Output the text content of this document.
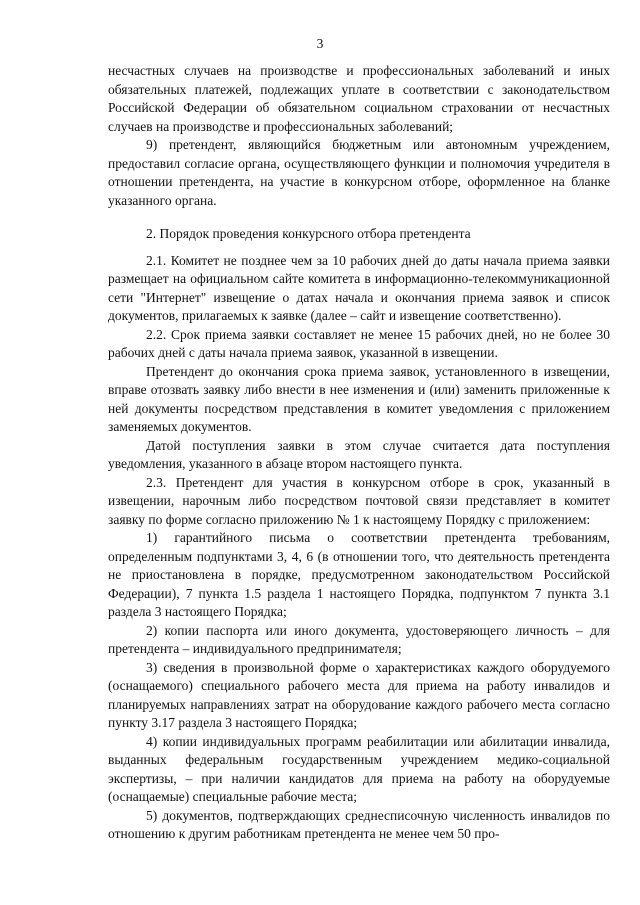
3

несчастных случаев на производстве и профессиональных заболеваний и иных обязательных платежей, подлежащих уплате в соответствии с законодательством Российской Федерации об обязательном социальном страховании от несчастных случаев на производстве и профессиональных заболеваний;

9) претендент, являющийся бюджетным или автономным учреждением, предоставил согласие органа, осуществляющего функции и полномочия учредителя в отношении претендента, на участие в конкурсном отборе, оформленное на бланке указанного органа.

2. Порядок проведения конкурсного отбора претендента

2.1. Комитет не позднее чем за 10 рабочих дней до даты начала приема заявки размещает на официальном сайте комитета в информационно-телекоммуникационной сети "Интернет" извещение о датах начала и окончания приема заявок и список документов, прилагаемых к заявке (далее – сайт и извещение соответственно).

2.2. Срок приема заявки составляет не менее 15 рабочих дней, но не более 30 рабочих дней с даты начала приема заявок, указанной в извещении.

Претендент до окончания срока приема заявок, установленного в извещении, вправе отозвать заявку либо внести в нее изменения и (или) заменить приложенные к ней документы посредством представления в комитет уведомления с приложением заменяемых документов.

Датой поступления заявки в этом случае считается дата поступления уведомления, указанного в абзаце втором настоящего пункта.

2.3. Претендент для участия в конкурсном отборе в срок, указанный в извещении, нарочным либо посредством почтовой связи представляет в комитет заявку по форме согласно приложению № 1 к настоящему Порядку с приложением:

1) гарантийного письма о соответствии претендента требованиям, определенным подпунктами 3, 4, 6 (в отношении того, что деятельность претендента не приостановлена в порядке, предусмотренном законодательством Российской Федерации), 7 пункта 1.5 раздела 1 настоящего Порядка, подпунктом 7 пункта 3.1 раздела 3 настоящего Порядка;

2) копии паспорта или иного документа, удостоверяющего личность – для претендента – индивидуального предпринимателя;

3) сведения в произвольной форме о характеристиках каждого оборудуемого (оснащаемого) специального рабочего места для приема на работу инвалидов и планируемых направлениях затрат на оборудование каждого рабочего места согласно пункту 3.17 раздела 3 настоящего Порядка;

4) копии индивидуальных программ реабилитации или абилитации инвалида, выданных федеральным государственным учреждением медико-социальной экспертизы, – при наличии кандидатов для приема на работу на оборудуемые (оснащаемые) специальные рабочие места;

5) документов, подтверждающих среднесписочную численность инвалидов по отношению к другим работникам претендента не менее чем 50 про-
